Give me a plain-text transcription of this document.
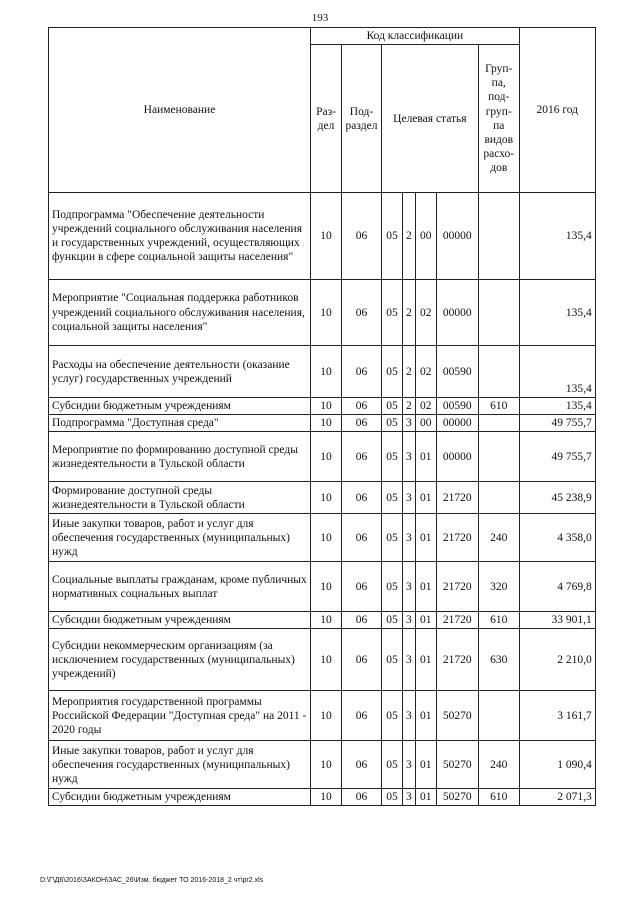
193
Наименование	Код классификации							2016 год
	Раз-дел	Под-раздел	Целевая статья				Груп-па, под-груп-па видов расхо-дов	
Подпрограмма "Обеспечение деятельности учреждений социального обслуживания населения и государственных учреждений, осуществляющих функции в сфере социальной защиты населения"	10	06	05	2	00	00000		135,4
Мероприятие "Социальная поддержка работников учреждений социального обслуживания населения, социальной защиты населения"	10	06	05	2	02	00000		135,4
Расходы на обеспечение деятельности (оказание услуг) государственных учреждений	10	06	05	2	02	00590		135,4
Субсидии бюджетным учреждениям	10	06	05	2	02	00590	610	135,4
Подпрограмма "Доступная среда"	10	06	05	3	00	00000		49 755,7
Мероприятие по формированию доступной среды жизнедеятельности в Тульской области	10	06	05	3	01	00000		49 755,7
Формирование доступной среды жизнедеятельности в Тульской области	10	06	05	3	01	21720		45 238,9
Иные закупки товаров, работ и услуг для обеспечения государственных (муниципальных) нужд	10	06	05	3	01	21720	240	4 358,0
Социальные выплаты гражданам, кроме публичных нормативных социальных выплат	10	06	05	3	01	21720	320	4 769,8
Субсидии бюджетным учреждениям	10	06	05	3	01	21720	610	33 901,1
Субсидии некоммерческим организациям (за исключением государственных (муниципальных) учреждений)	10	06	05	3	01	21720	630	2 210,0
Мероприятия государственной программы Российской Федерации "Доступная среда" на 2011 - 2020 годы	10	06	05	3	01	50270		3 161,7
Иные закупки товаров, работ и услуг для обеспечения государственных (муниципальных) нужд	10	06	05	3	01	50270	240	1 090,4
Субсидии бюджетным учреждениям	10	06	05	3	01	50270	610	2 071,3
D:\Г\Д6\2016\ЗАКОН\ЗАС_26\Изм. бюджет ТО 2016-2018_2 чт\pr2.xls
